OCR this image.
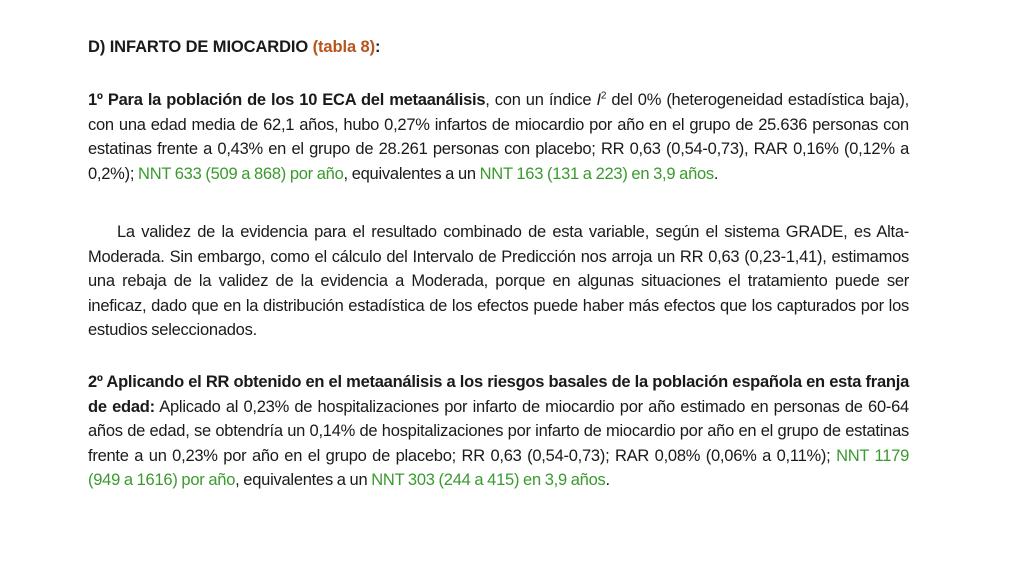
D) INFARTO DE MIOCARDIO (tabla 8):
1º Para la población de los 10 ECA del metaanálisis, con un índice $I^2$ del 0% (heterogeneidad estadística baja), con una edad media de 62,1 años, hubo 0,27% infartos de miocardio por año en el grupo de 25.636 personas con estatinas frente a 0,43% en el grupo de 28.261 personas con placebo; RR 0,63 (0,54-0,73), RAR 0,16% (0,12% a 0,2%); NNT 633 (509 a 868) por año, equivalentes a un NNT 163 (131 a 223) en 3,9 años.
La validez de la evidencia para el resultado combinado de esta variable, según el sistema GRADE, es Alta-Moderada. Sin embargo, como el cálculo del Intervalo de Predicción nos arroja un RR 0,63 (0,23-1,41), estimamos una rebaja de la validez de la evidencia a Moderada, porque en algunas situaciones el tratamiento puede ser ineficaz, dado que en la distribución estadística de los efectos puede haber más efectos que los capturados por los estudios seleccionados.
2º Aplicando el RR obtenido en el metaanálisis a los riesgos basales de la población española en esta franja de edad: Aplicado al 0,23% de hospitalizaciones por infarto de miocardio por año estimado en personas de 60-64 años de edad, se obtendría un 0,14% de hospitalizaciones por infarto de miocardio por año en el grupo de estatinas frente a un 0,23% por año en el grupo de placebo; RR 0,63 (0,54-0,73); RAR 0,08% (0,06% a 0,11%); NNT 1179 (949 a 1616) por año, equivalentes a un NNT 303 (244 a 415) en 3,9 años.
